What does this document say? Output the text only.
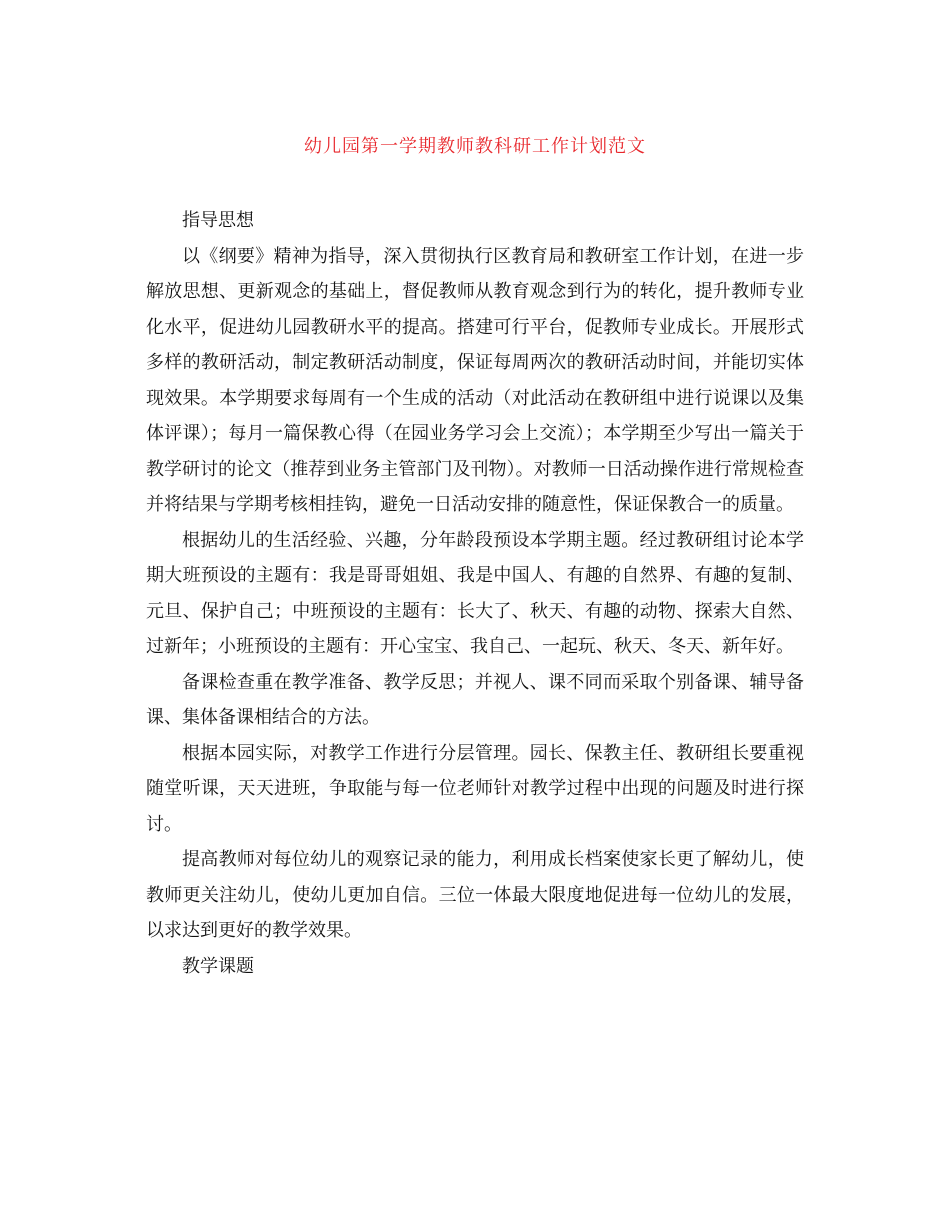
幼儿园第一学期教师教科研工作计划范文

指导思想

以《纲要》精神为指导，深入贯彻执行区教育局和教研室工作计划，在进一步解放思想、更新观念的基础上，督促教师从教育观念到行为的转化，提升教师专业化水平，促进幼儿园教研水平的提高。搭建可行平台，促教师专业成长。开展形式多样的教研活动，制定教研活动制度，保证每周两次的教研活动时间，并能切实体现效果。本学期要求每周有一个生成的活动（对此活动在教研组中进行说课以及集体评课）；每月一篇保教心得（在园业务学习会上交流）；本学期至少写出一篇关于教学研讨的论文（推荐到业务主管部门及刊物）。对教师一日活动操作进行常规检查并将结果与学期考核相挂钩，避免一日活动安排的随意性，保证保教合一的质量。

根据幼儿的生活经验、兴趣，分年龄段预设本学期主题。经过教研组讨论本学期大班预设的主题有：我是哥哥姐姐、我是中国人、有趣的自然界、有趣的复制、元旦、保护自己；中班预设的主题有：长大了、秋天、有趣的动物、探索大自然、过新年；小班预设的主题有：开心宝宝、我自己、一起玩、秋天、冬天、新年好。

备课检查重在教学准备、教学反思；并视人、课不同而采取个别备课、辅导备课、集体备课相结合的方法。

根据本园实际，对教学工作进行分层管理。园长、保教主任、教研组长要重视随堂听课，天天进班，争取能与每一位老师针对教学过程中出现的问题及时进行探讨。

提高教师对每位幼儿的观察记录的能力，利用成长档案使家长更了解幼儿，使教师更关注幼儿，使幼儿更加自信。三位一体最大限度地促进每一位幼儿的发展，以求达到更好的教学效果。

教学课题
